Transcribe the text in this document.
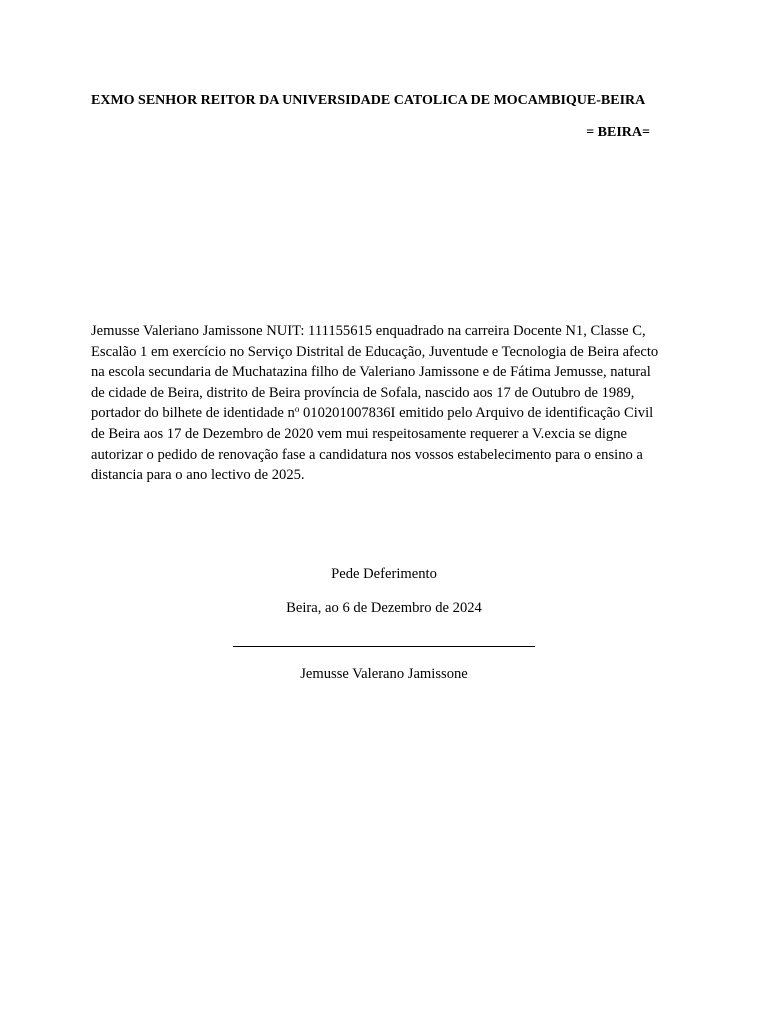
EXMO SENHOR REITOR DA UNIVERSIDADE CATOLICA DE MOCAMBIQUE-BEIRA
= BEIRA=
Jemusse Valeriano Jamissone NUIT: 111155615 enquadrado na carreira Docente N1, Classe C,
Escalão 1 em exercício no Serviço Distrital de Educação, Juventude e Tecnologia de Beira afecto
na escola secundaria de Muchatazina filho de Valeriano Jamissone e de Fátima Jemusse, natural
de cidade de Beira, distrito de Beira província de Sofala, nascido aos 17 de Outubro de 1989,
portador do bilhete de identidade $n^o$ 010201007836I emitido pelo Arquivo de identificação Civil
de Beira aos 17 de Dezembro de 2020 vem mui respeitosamente requerer a V.excia se digne
autorizar o pedido de renovação fase a candidatura nos vossos estabelecimento para o ensino a
distancia para o ano lectivo de 2025.
Pede Deferimento
Beira, ao 6 de Dezembro de 2024
Jemusse Valerano Jamissone
